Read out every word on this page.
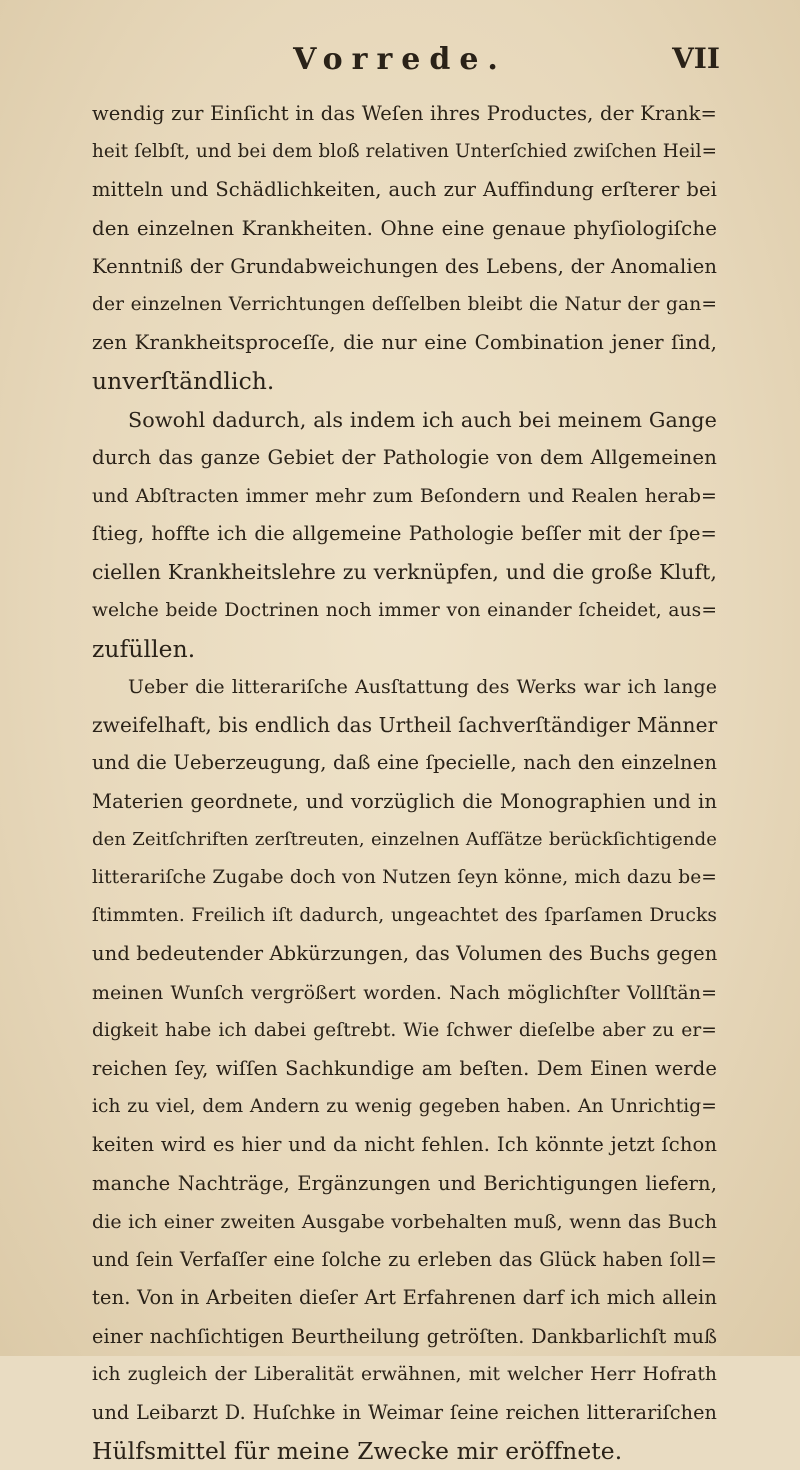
Vorrede.	VII
wendig zur Einſicht in das Weſen ihres Productes, der Krank=
heit ſelbſt, und bei dem bloß relativen Unterſchied zwiſchen Heil=
mitteln und Schädlichkeiten, auch zur Auffindung erſterer bei
den einzelnen Krankheiten. Ohne eine genaue phyſiologiſche
Kenntniß der Grundabweichungen des Lebens, der Anomalien
der einzelnen Verrichtungen deſſelben bleibt die Natur der gan=
zen Krankheitsproceſſe, die nur eine Combination jener ſind,
unverſtändlich.
Sowohl dadurch, als indem ich auch bei meinem Gange
durch das ganze Gebiet der Pathologie von dem Allgemeinen
und Abſtracten immer mehr zum Beſondern und Realen herab=
ſtieg, hoffte ich die allgemeine Pathologie beſſer mit der ſpe=
ciellen Krankheitslehre zu verknüpfen, und die große Kluft,
welche beide Doctrinen noch immer von einander ſcheidet, aus=
zufüllen.
Ueber die litterariſche Ausſtattung des Werks war ich lange
zweifelhaft, bis endlich das Urtheil ſachverſtändiger Männer
und die Ueberzeugung, daß eine ſpecielle, nach den einzelnen
Materien geordnete, und vorzüglich die Monographien und in
den Zeitſchriften zerſtreuten, einzelnen Aufſätze berückſichtigende
litterariſche Zugabe doch von Nutzen ſeyn könne, mich dazu be=
ſtimmten. Freilich iſt dadurch, ungeachtet des ſparſamen Drucks
und bedeutender Abkürzungen, das Volumen des Buchs gegen
meinen Wunſch vergrößert worden. Nach möglichſter Vollſtän=
digkeit habe ich dabei geſtrebt. Wie ſchwer dieſelbe aber zu er=
reichen ſey, wiſſen Sachkundige am beſten. Dem Einen werde
ich zu viel, dem Andern zu wenig gegeben haben. An Unrichtig=
keiten wird es hier und da nicht fehlen. Ich könnte jetzt ſchon
manche Nachträge, Ergänzungen und Berichtigungen liefern,
die ich einer zweiten Ausgabe vorbehalten muß, wenn das Buch
und ſein Verfaſſer eine ſolche zu erleben das Glück haben ſoll=
ten. Von in Arbeiten dieſer Art Erfahrenen darf ich mich allein
einer nachſichtigen Beurtheilung getröſten. Dankbarlichſt muß
ich zugleich der Liberalität erwähnen, mit welcher Herr Hofrath
und Leibarzt D. Huſchke in Weimar ſeine reichen litterariſchen
Hülfsmittel für meine Zwecke mir eröffnete.
